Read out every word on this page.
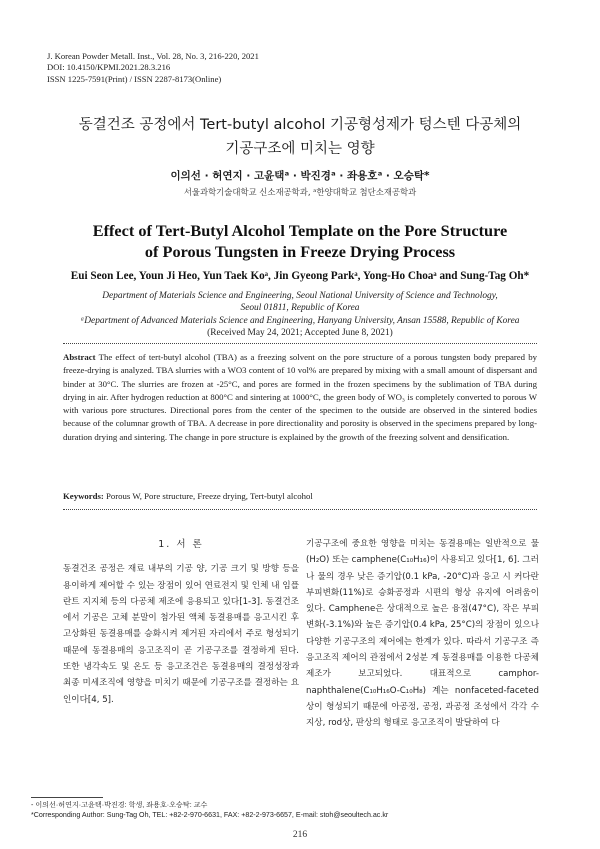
J. Korean Powder Metall. Inst., Vol. 28, No. 3, 216-220, 2021
DOI: 10.4150/KPMI.2021.28.3.216
ISSN 1225-7591(Print) / ISSN 2287-8173(Online)
동결건조 공정에서 Tert-butyl alcohol 기공형성제가 텅스텐 다공체의
기공구조에 미치는 영향
이의선 · 허연지 · 고윤택ᵃ · 박진경ᵃ · 좌용호ᵃ · 오승탁*
서울과학기술대학교 신소재공학과, ᵃ한양대학교 첨단소재공학과
Effect of Tert-Butyl Alcohol Template on the Pore Structure
of Porous Tungsten in Freeze Drying Process
Eui Seon Lee, Youn Ji Heo, Yun Taek Koᵃ, Jin Gyeong Parkᵃ, Yong-Ho Choaᵃ and Sung-Tag Oh*
Department of Materials Science and Engineering, Seoul National University of Science and Technology,
Seoul 01811, Republic of Korea
ᵃDepartment of Advanced Materials Science and Engineering, Hanyang University, Ansan 15588, Republic of Korea
(Received May 24, 2021; Accepted June 8, 2021)
Abstract The effect of tert-butyl alcohol (TBA) as a freezing solvent on the pore structure of a porous tungsten body prepared by freeze-drying is analyzed. TBA slurries with a WO3 content of 10 vol% are prepared by mixing with a small amount of dispersant and binder at 30°C. The slurries are frozen at -25°C, and pores are formed in the frozen specimens by the sublimation of TBA during drying in air. After hydrogen reduction at 800°C and sintering at 1000°C, the green body of WO₃ is completely converted to porous W with various pore structures. Directional pores from the center of the specimen to the outside are observed in the sintered bodies because of the columnar growth of TBA. A decrease in pore directionality and porosity is observed in the specimens prepared by long-duration drying and sintering. The change in pore structure is explained by the growth of the freezing solvent and densification.
Keywords: Porous W, Pore structure, Freeze drying, Tert-butyl alcohol
1. 서 론

동결건조 공정은 재료 내부의 기공 양, 기공 크기 및 방향 등을 용이하게 제어할 수 있는 장점이 있어 연료전지 및 인체 내 임플란트 지지체 등의 다공체 제조에 응용되고 있다[1-3]. 동결건조에서 기공은 고체 분말이 첨가된 액체 동결용매를 응고시킨 후 고상화된 동결용매를 승화시켜 제거된 자리에서 주로 형성되기 때문에 동결용매의 응고조직이 곧 기공구조를 결정하게 된다. 또한 냉각속도 및 온도 등 응고조건은 동결용매의 결정성장과 최종 미세조직에 영향을 미치기 때문에 기공구조를 결정하는 요인이다[4, 5].

기공구조에 중요한 영향을 미치는 동결용매는 일반적으로 물(H₂O) 또는 camphene(C₁₀H₁₆)이 사용되고 있다[1, 6]. 그러나 물의 경우 낮은 증기압(0.1 kPa, -20°C)과 응고 시 커다란 부피변화(11%)로 승화공정과 시편의 형상 유지에 어려움이 있다. Camphene은 상대적으로 높은 융점(47°C), 작은 부피변화(-3.1%)와 높은 증기압(0.4 kPa, 25°C)의 장점이 있으나 다양한 기공구조의 제어에는 한계가 있다. 따라서 기공구조 즉 응고조직 제어의 관점에서 2성분 계 동결용매를 이용한 다공체 제조가 보고되었다. 대표적으로 camphor-naphthalene(C₁₀H₁₆O-C₁₀H₈) 계는 nonfaceted-faceted 상이 형성되기 때문에 아공정, 공정, 과공정 조성에서 각각 수지상, rod상, 판상의 형태로 응고조직이 발달하여 다

- 이의선·허연지·고윤택·박진경: 학생, 좌용호·오승탁: 교수
*Corresponding Author: Sung-Tag Oh, TEL: +82-2-970-6631, FAX: +82-2-973-6657, E-mail: stoh@seoultech.ac.kr
216
